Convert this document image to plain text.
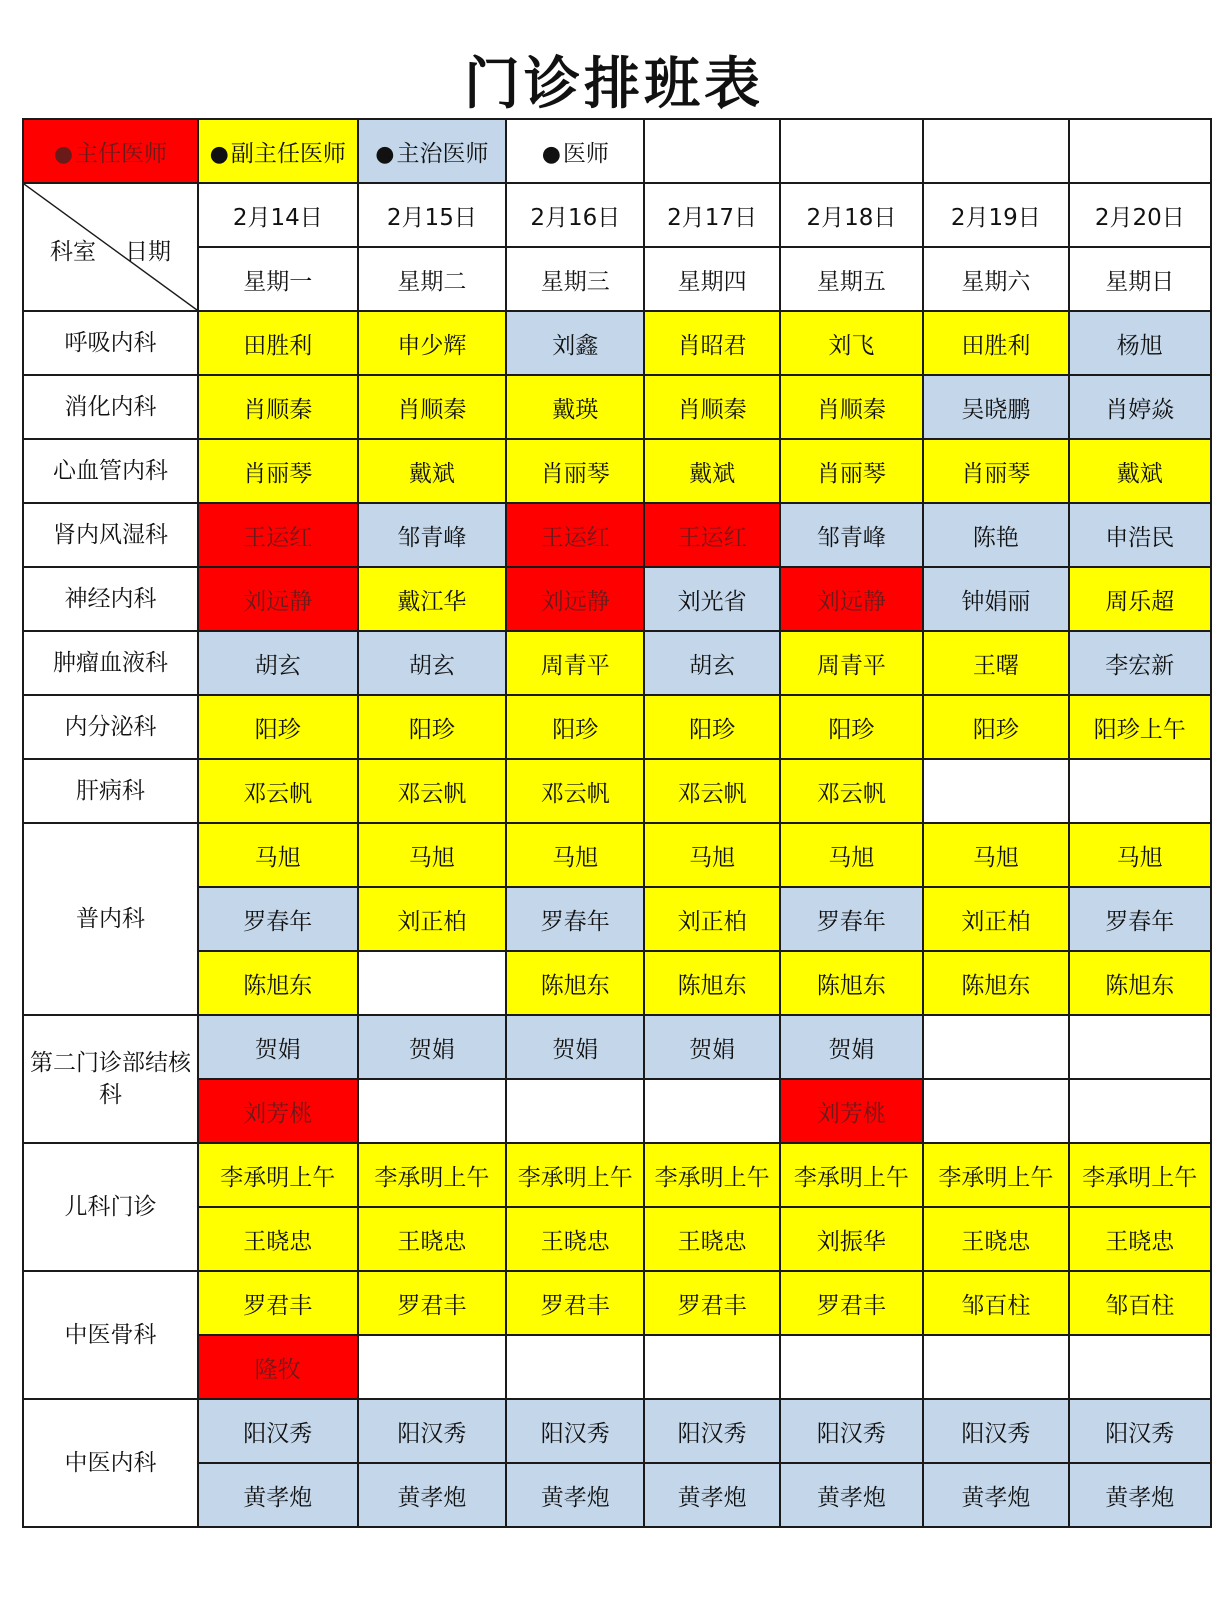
门诊排班表
●主任医师	●副主任医师	●主治医师	●医师				

科室 日期	2月14日	2月15日	2月16日	2月17日	2月18日	2月19日	2月20日
	星期一	星期二	星期三	星期四	星期五	星期六	星期日
呼吸内科	田胜利	申少辉	刘鑫	肖昭君	刘飞	田胜利	杨旭
消化内科	肖顺秦	肖顺秦	戴瑛	肖顺秦	肖顺秦	吴晓鹏	肖婷焱
心血管内科	肖丽琴	戴斌	肖丽琴	戴斌	肖丽琴	肖丽琴	戴斌
肾内风湿科	王运红	邹青峰	王运红	王运红	邹青峰	陈艳	申浩民
神经内科	刘远静	戴江华	刘远静	刘光省	刘远静	钟娟丽	周乐超
肿瘤血液科	胡玄	胡玄	周青平	胡玄	周青平	王曙	李宏新
内分泌科	阳珍	阳珍	阳珍	阳珍	阳珍	阳珍	阳珍上午
肝病科	邓云帆	邓云帆	邓云帆	邓云帆	邓云帆		
普内科	马旭	马旭	马旭	马旭	马旭	马旭	马旭
	罗春年	刘正柏	罗春年	刘正柏	罗春年	刘正柏	罗春年
	陈旭东		陈旭东	陈旭东	陈旭东	陈旭东	陈旭东
第二门诊部结核科	贺娟	贺娟	贺娟	贺娟	贺娟		
	刘芳桃				刘芳桃		
儿科门诊	李承明上午	李承明上午	李承明上午	李承明上午	李承明上午	李承明上午	李承明上午
	王晓忠	王晓忠	王晓忠	王晓忠	刘振华	王晓忠	王晓忠
中医骨科	罗君丰	罗君丰	罗君丰	罗君丰	罗君丰	邹百柱	邹百柱
	隆牧						
中医内科	阳汉秀	阳汉秀	阳汉秀	阳汉秀	阳汉秀	阳汉秀	阳汉秀
	黄孝炮	黄孝炮	黄孝炮	黄孝炮	黄孝炮	黄孝炮	黄孝炮
